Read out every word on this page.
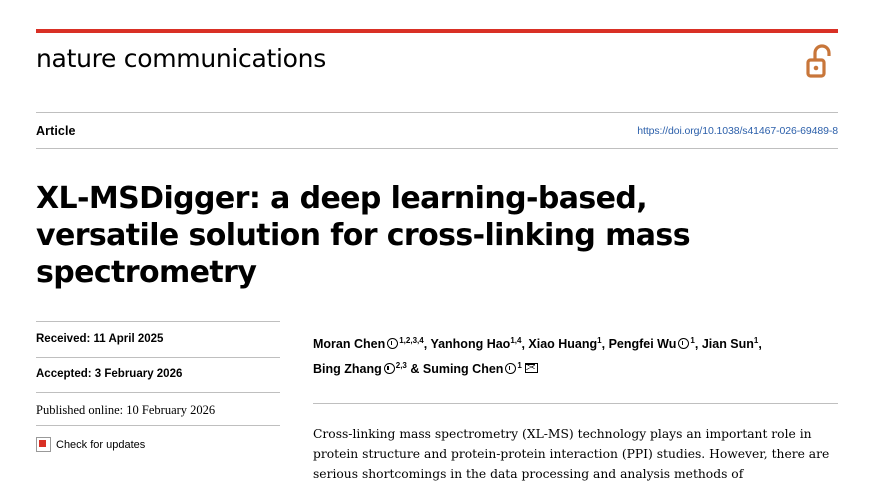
nature communications
Article	https://doi.org/10.1038/s41467-026-69489-8
XL-MSDigger: a deep learning-based, versatile solution for cross-linking mass spectrometry
Received: 11 April 2025
Accepted: 3 February 2026
Published online: 10 February 2026
Check for updates
Moran Chen $^{1,2,3,4}$, Yanhong Hao$^{1,4}$, Xiao Huang$^1$, Pengfei Wu $^1$, Jian Sun$^1$,
Bing Zhang $^{2,3}$ & Suming Chen $^1$

Cross-linking mass spectrometry (XL-MS) technology plays an important role in protein structure and protein-protein interaction (PPI) studies. However, there are serious shortcomings in the data processing and analysis methods of
